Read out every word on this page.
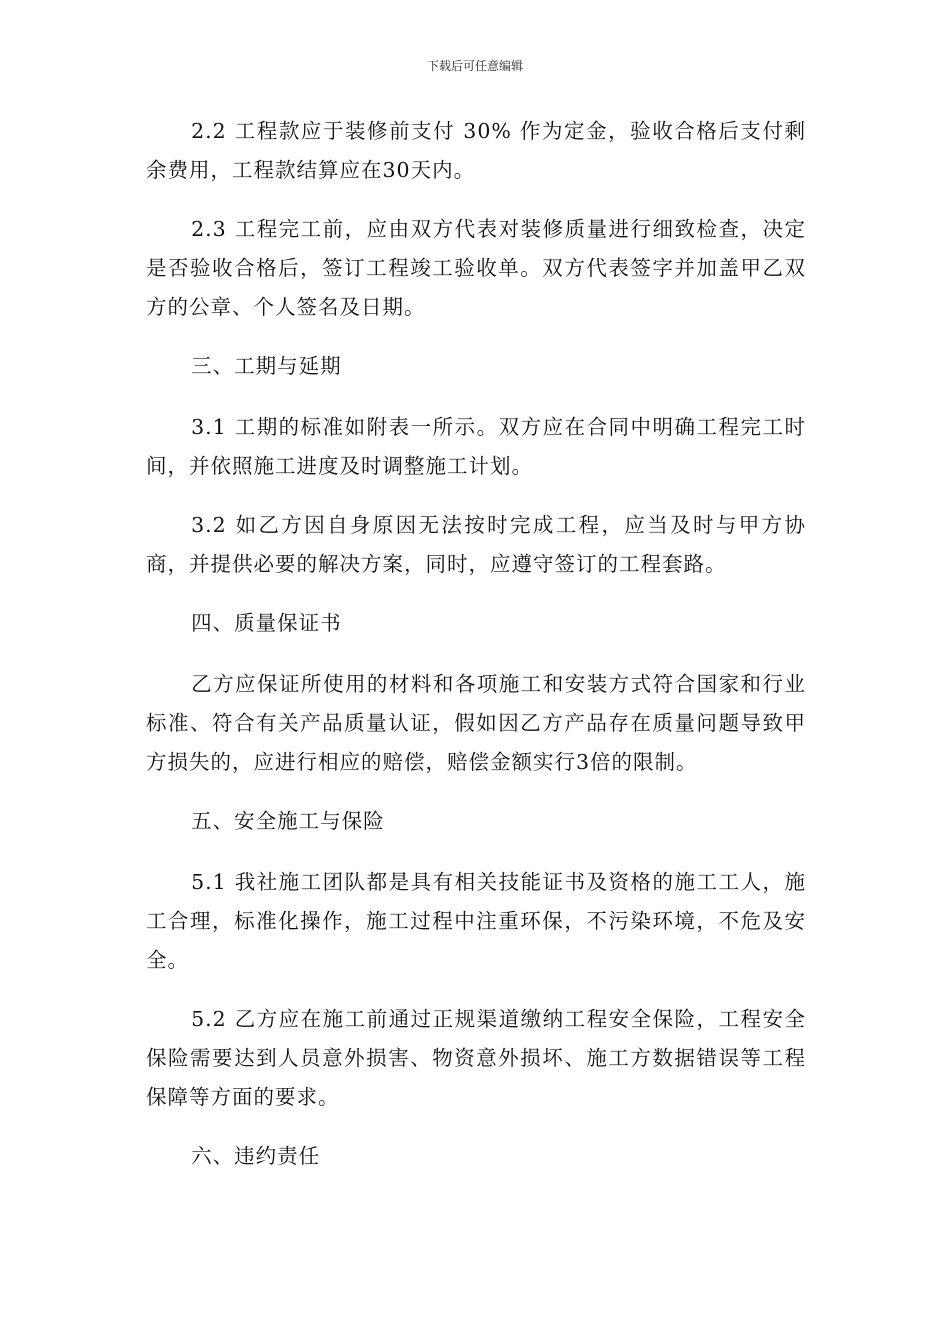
下载后可任意编辑

2.2 工程款应于装修前支付 30% 作为定金，验收合格后支付剩余费用，工程款结算应在30天内。

2.3 工程完工前，应由双方代表对装修质量进行细致检查，决定是否验收合格后，签订工程竣工验收单。双方代表签字并加盖甲乙双方的公章、个人签名及日期。

三、工期与延期

3.1 工期的标准如附表一所示。双方应在合同中明确工程完工时间，并依照施工进度及时调整施工计划。

3.2 如乙方因自身原因无法按时完成工程，应当及时与甲方协商，并提供必要的解决方案，同时，应遵守签订的工程套路。

四、质量保证书

乙方应保证所使用的材料和各项施工和安装方式符合国家和行业标准、符合有关产品质量认证，假如因乙方产品存在质量问题导致甲方损失的，应进行相应的赔偿，赔偿金额实行3倍的限制。

五、安全施工与保险

5.1 我社施工团队都是具有相关技能证书及资格的施工工人，施工合理，标准化操作，施工过程中注重环保，不污染环境，不危及安全。

5.2 乙方应在施工前通过正规渠道缴纳工程安全保险，工程安全保险需要达到人员意外损害、物资意外损坏、施工方数据错误等工程保障等方面的要求。

六、违约责任
